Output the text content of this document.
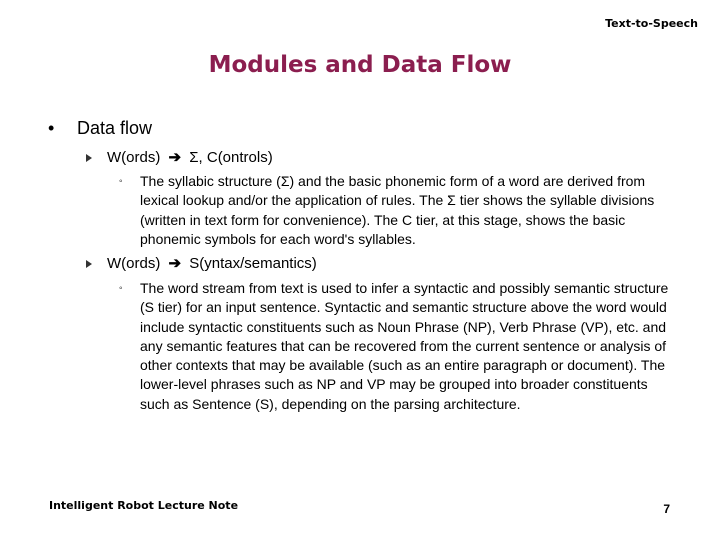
Text-to-Speech
Modules and Data Flow
• Data flow
W(ords) ➔ Σ, C(ontrols)
◦ The syllabic structure (Σ) and the basic phonemic form of a word are derived from lexical lookup and/or the application of rules. The Σ tier shows the syllable divisions (written in text form for convenience). The C tier, at this stage, shows the basic phonemic symbols for each word's syllables.
W(ords) ➔ S(yntax/semantics)
◦ The word stream from text is used to infer a syntactic and possibly semantic structure (S tier) for an input sentence. Syntactic and semantic structure above the word would include syntactic constituents such as Noun Phrase (NP), Verb Phrase (VP), etc. and any semantic features that can be recovered from the current sentence or analysis of other contexts that may be available (such as an entire paragraph or document). The lower-level phrases such as NP and VP may be grouped into broader constituents such as Sentence (S), depending on the parsing architecture.
Intelligent Robot Lecture Note	7
